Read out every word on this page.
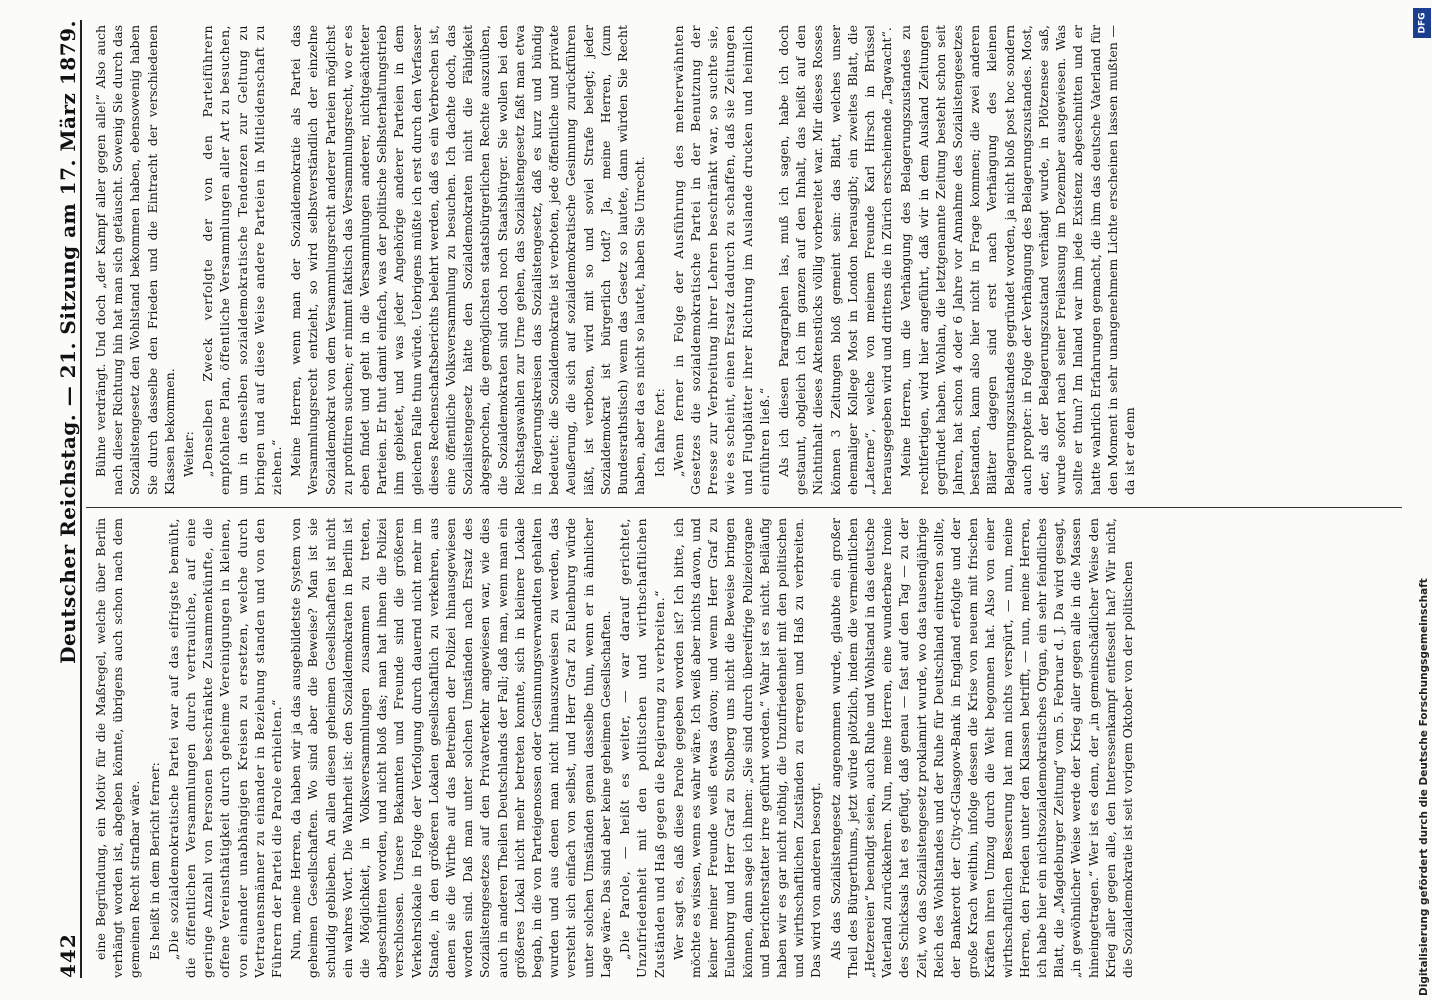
442
Deutscher Reichstag. — 21. Sitzung am 17. März 1879.

eine Begründung, ein Motiv für die Maßregel, welche über Berlin verhängt worden ist, abgeben könnte, übrigens auch schon nach dem gemeinen Recht strafbar wäre. Es heißt in dem Bericht ferner: „Die sozialdemokratische Partei war auf das eifrigste bemüht, die öffentlichen Versammlungen durch vertrauliche, auf eine geringe Anzahl von Personen beschränkte Zusammenkünfte, die offene Vereinsthätigkeit durch geheime Vereinigungen in kleinen, von einander unabhängigen Kreisen zu ersetzen, welche durch Vertrauensmänner zu einander in Beziehung standen und von den Führern der Partei die Parole erhielten.“ Nun, meine Herren, da haben wir ja das ausgebildetste System von geheimen Gesellschaften. Wo sind aber die Beweise? Man ist sie schuldig geblieben. An allen diesen geheimen Gesellschaften ist nicht ein wahres Wort. Die Wahrheit ist: den Sozialdemokraten in Berlin ist die Möglichkeit, in Volksversammlungen zusammen zu treten, abgeschnitten worden, und nicht bloß das; man hat ihnen die Polizei verschlossen. Unsere Bekannten und Freunde sind die größeren Verkehrslokale in Folge der Verfolgung durch dauernd nicht mehr im Stande, in den größeren Lokalen gesellschaftlich zu verkehren, aus denen sie die Wirthe auf das Betreiben der Polizei hinausgewiesen worden sind. Daß man unter solchen Umständen nach Ersatz des Sozialistengesetzes auf den Privatverkehr angewiesen war, wie dies auch in anderen Theilen Deutschlands der Fall; daß man, wenn man ein größeres Lokal nicht mehr betreten konnte, sich in kleinere Lokale begab, in die von Parteigenossen oder Gesinnungsverwandten gehalten wurden und aus denen man nicht hinauszuweisen zu werden, das versteht sich einfach von selbst, und Herr Graf zu Eulenburg würde unter solchen Umständen genau dasselbe thun, wenn er in ähnlicher Lage wäre. Das sind aber keine geheimen Gesellschaften. „Die Parole, — heißt es weiter, — war darauf gerichtet, Unzufriedenheit mit den politischen und wirthschaftlichen Zuständen und Haß gegen die Regierung zu verbreiten.“ Wer sagt es, daß diese Parole gegeben worden ist? Ich bitte, ich möchte es wissen, wenn es wahr wäre. Ich weiß aber nichts davon, und keiner meiner Freunde weiß etwas davon; und wenn Herr Graf zu Eulenburg und Herr Graf zu Stolberg uns nicht die Beweise bringen können, dann sage ich ihnen: „Sie sind durch übereifrige Polizeiorgane und Berichterstatter irre geführt worden.“ Wahr ist es nicht. Beiläufig haben wir es gar nicht nöthig, die Unzufriedenheit mit den politischen und wirthschaftlichen Zuständen zu erregen und Haß zu verbreiten. Das wird von anderen besorgt. Als das Sozialistengesetz angenommen wurde, glaubte ein großer Theil des Bürgerthums, jetzt würde plötzlich, indem die vermeintlichen „Hetzereien“ beendigt seien, auch Ruhe und Wohlstand in das deutsche Vaterland zurückkehren. Nun, meine Herren, eine wunderbare Ironie des Schicksals hat es gefügt, daß genau — fast auf den Tag — zu der Zeit, wo das Sozialistengesetz proklamirt wurde, wo das tausendjährige Reich des Wohlstandes und der Ruhe für Deutschland eintreten sollte, der Bankerott der City-of-Glasgow-Bank in England erfolgte und der große Krach weithin, infolge dessen die Krise von neuem mit frischen Kräften ihren Umzug durch die Welt begonnen hat. Also von einer wirthschaftlichen Besserung hat man nichts verspürt, — nun, meine Herren, den Frieden unter den Klassen betrifft, — nun, meine Herren, ich habe hier ein nichtsozialdemokratisches Organ, ein sehr feindliches Blatt, die „Magdeburger Zeitung“ vom 5. Februar d. J. Da wird gesagt, „in gewöhnlicher Weise werde der Krieg aller gegen alle in die Massen hineingetragen.“ Wer ist es denn, der „in gemeinschädlicher Weise den Krieg aller gegen alle, den Interessenkampf entfesselt hat? Wir nicht, die Sozialdemokratie ist seit vorigem Oktober von der politischen

Bühne verdrängt. Und doch „der Kampf aller gegen alle!“ Also auch nach dieser Richtung hin hat man sich getäuscht. Sowenig Sie durch das Sozialistengesetz den Wohlstand bekommen haben, ebensowenig haben Sie durch dasselbe den Frieden und die Eintracht der verschiedenen Klassen bekommen. Weiter: „Denselben Zweck verfolgte der von den Parteiführern empfohlene Plan, öffentliche Versammlungen aller Art zu besuchen, um in denselben sozialdemokratische Tendenzen zur Geltung zu bringen und auf diese Weise andere Parteien in Mitleidenschaft zu ziehen.“ Meine Herren, wenn man der Sozialdemokratie als Partei das Versammlungsrecht entzieht, so wird selbstverständlich der einzelne Sozialdemokrat von dem Versammlungsrecht anderer Parteien möglichst zu profitiren suchen; er nimmt faktisch das Versammlungsrecht, wo er es eben findet und geht in die Versammlungen anderer, nichtgeächteter Parteien. Er thut damit einfach, was der politische Selbsterhaltungstrieb ihm gebietet, und was jeder Angehörige anderer Parteien in dem gleichen Falle thun würde. Uebrigens müßte ich erst durch den Verfasser dieses Rechenschaftsberichts belehrt werden, daß es ein Verbrechen ist, eine öffentliche Volksversammlung zu besuchen. Ich dachte doch, das Sozialistengesetz hätte den Sozialdemokraten nicht die Fähigkeit abgesprochen, die gemöglichsten staatsbürgerlichen Rechte auszuüben, die Sozialdemokraten sind doch noch Staatsbürger. Sie wollen bei den Reichstagswahlen zur Urne gehen, das Sozialistengesetz faßt man etwa in Regierungskreisen das Sozialistengesetz, daß es kurz und bündig bedeutet: die Sozialdemokratie ist verboten, jede öffentliche und private Aeußerung, die sich auf sozialdemokratische Gesinnung zurückführen läßt, ist verboten, wird mit so und soviel Strafe belegt; jeder Sozialdemokrat ist bürgerlich todt? Ja, meine Herren, (zum Bundesrathstisch) wenn das Gesetz so lautete, dann würden Sie Recht haben, aber da es nicht so lautet, haben Sie Unrecht. Ich fahre fort: „Wenn ferner in Folge der Ausführung des mehrerwähnten Gesetzes die sozialdemokratische Partei in der Benutzung der Presse zur Verbreitung ihrer Lehren beschränkt war, so suchte sie, wie es scheint, einen Ersatz dadurch zu schaffen, daß sie Zeitungen und Flugblätter ihrer Richtung im Auslande drucken und heimlich einführen ließ.“ Als ich diesen Paragraphen las, muß ich sagen, habe ich doch gestaunt, obgleich ich im ganzen auf den Inhalt, das heißt auf den Nichtinhalt dieses Aktenstücks völlig vorbereitet war. Mir dieses Rosses können 3 Zeitungen bloß gemeint sein: das Blatt, welches unser ehemaliger Kollege Most in London herausgibt; ein zweites Blatt, die „Laterne“, welche von meinem Freunde Karl Hirsch in Brüssel herausgegeben wird und drittens die in Zürich erscheinende „Tagwacht“. Meine Herren, um die Verhängung des Belagerungszustandes zu rechtfertigen, wird hier angeführt, daß wir in dem Ausland Zeitungen gegründet haben. Wohlan, die letztgenannte Zeitung besteht schon seit Jahren, hat schon 4 oder 6 Jahre vor Annahme des Sozialistengesetzes bestanden, kann also hier nicht in Frage kommen; die zwei anderen Blätter dagegen sind erst nach Verhängung des kleinen Belagerungszustandes gegründet worden, ja nicht bloß post hoc sondern auch propter: in Folge der Verhängung des Belagerungszustandes. Most, der, als der Belagerungszustand verhängt wurde, in Plötzensee saß, wurde sofort nach seiner Freilassung im Dezember ausgewiesen. Was sollte er thun? Im Inland war ihm jede Existenz abgeschnitten und er hatte wahrlich Erfahrungen gemacht, die ihm das deutsche Vaterland für den Moment in sehr unangenehmem Lichte erscheinen lassen mußten — da ist er denn

DFG
Digitalisierung gefördert durch die Deutsche Forschungsgemeinschaft
